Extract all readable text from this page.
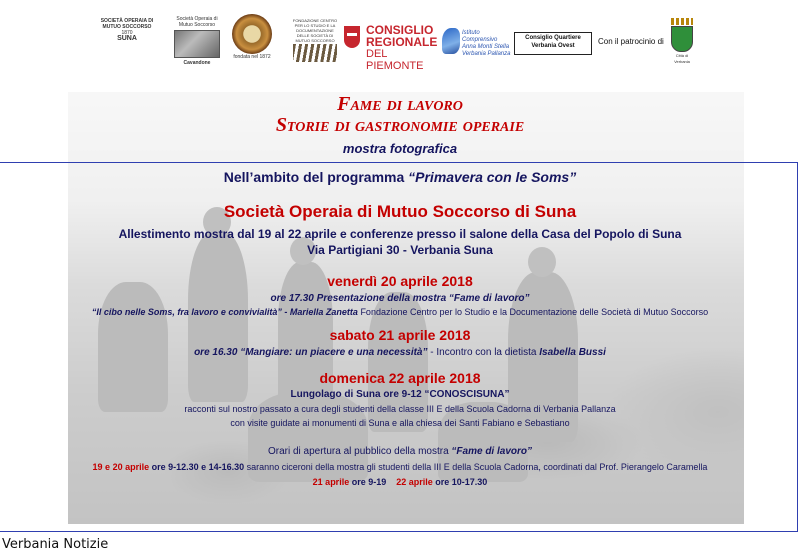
SOCIETÀ OPERAIA DI MUTUO SOCCORSO
1870
SUNA
Società Operaia di Mutuo Soccorso
Cavandone
fondata nel 1872
FONDAZIONE CENTRO PER LO STUDIO E LA DOCUMENTAZIONE DELLE SOCIETÀ DI MUTUO SOCCORSO
CONSIGLIO
REGIONALE
DEL PIEMONTE
Istituto Comprensivo
Anna Monti Stella
Verbania Pallanza
Consiglio Quartiere
Verbania Ovest	Con il patrocinio di
Città di Verbania
Fame di lavoro
Storie di gastronomie operaie
mostra fotografica
Nell’ambito del programma “Primavera con le Soms”
Società Operaia di Mutuo Soccorso di Suna
Allestimento mostra dal 19 al 22 aprile e conferenze presso il salone della Casa del Popolo di Suna
Via Partigiani 30 - Verbania Suna
venerdì 20 aprile 2018
ore 17.30 Presentazione della mostra “Fame di lavoro”
“Il cibo nelle Soms, fra lavoro e convivialità” - Mariella Zanetta Fondazione Centro per lo Studio e la Documentazione delle Società di Mutuo Soccorso
sabato 21 aprile 2018
ore 16.30 “Mangiare: un piacere e una necessità” - Incontro con la dietista Isabella Bussi
domenica 22 aprile 2018
Lungolago di Suna ore 9-12 “CONOSCISUNA”
racconti sul nostro passato a cura degli studenti della classe III E della Scuola Cadorna di Verbania Pallanza
con visite guidate ai monumenti di Suna e alla chiesa dei Santi Fabiano e Sebastiano
Orari di apertura al pubblico della mostra “Fame di lavoro”
19 e 20 aprile ore 9-12.30 e 14-16.30 saranno ciceroni della mostra gli studenti della III E della Scuola Cadorna, coordinati dal Prof. Pierangelo Caramella
21 aprile ore 9-19 22 aprile ore 10-17.30
Verbania Notizie
